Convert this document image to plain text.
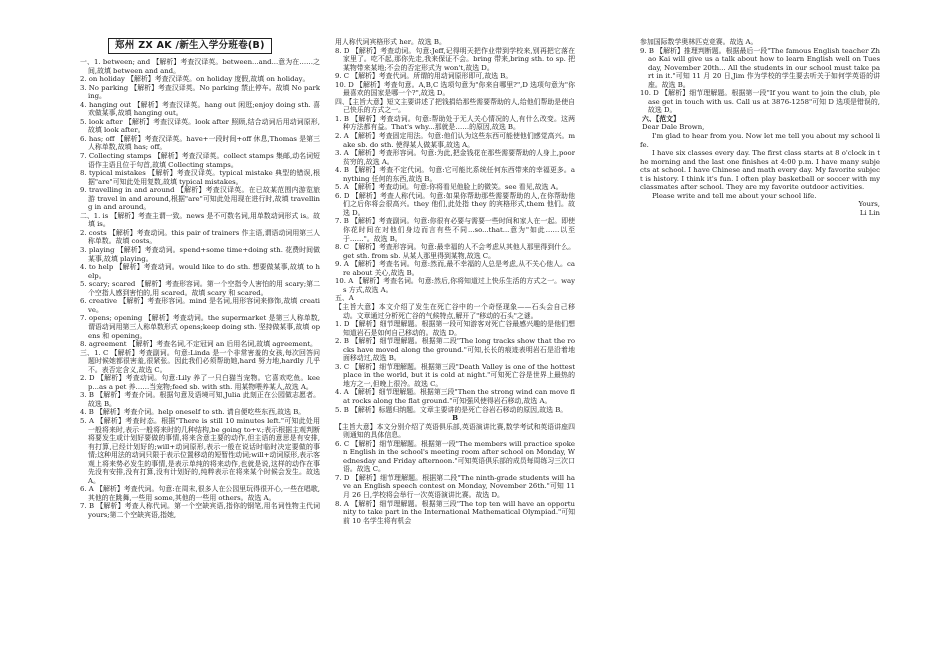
郑州 ZX AK /新生入学分班卷(B)

一、1. between; and 【解析】考查汉译英。between...and...意为在……之间,故填 between and and。

2. on holiday 【解析】考查汉译英。on holiday 度假,故填 on holiday。

3. No parking 【解析】考查汉译英。No parking 禁止停车。故填 No parking。

4. hanging out 【解析】考查汉译英。hang out 闲逛;enjoy doing sth. 喜欢做某事,故填 hanging out。

5. look after 【解析】考查汉译英。look after 照顾,结合动词后用动词原形,故填 look after。

6. has; off 【解析】考查汉译英。have+一段时间+off 休息,Thomas 是第三人称单数,故填 has; off。

7. Collecting stamps 【解析】考查汉译英。collect stamps 集邮,动名词短语作主语且位于句首,故填 Collecting stamps。

8. typical mistakes 【解析】考查汉译英。typical mistake 典型的错误,根据"are"可知此处用复数,故填 typical mistakes。

9. travelling in and around 【解析】考查汉译英。在已故某范围内游览旅游 travel in and around,根据"are"可知此处用现在进行时,故填 travelling in and around。

二、1. is 【解析】考查主谓一致。news 是不可数名词,用单数动词形式 is。故填 is。

2. costs 【解析】考查动词。this pair of trainers 作主语,谓语动词用第三人称单数。故填 costs。

3. playing 【解析】考查动词。spend+some time+doing sth. 花费时间做某事,故填 playing。

4. to help 【解析】考查动词。would like to do sth. 想要做某事,故填 to help。

5. scary; scared 【解析】考查形容词。第一个空指令人害怕的用 scary;第二个空指人感到害怕的,用 scared。故填 scary 和 scared。

6. creative 【解析】考查形容词。mind 是名词,用形容词来修饰,故填 creative。

7. opens; opening 【解析】考查动词。the supermarket 是第三人称单数,谓语动词用第三人称单数形式 opens;keep doing sth. 坚持做某事,故填 opens 和 opening。

8. agreement 【解析】考查名词,不定冠词 an 后用名词,故填 agreement。

三、1. C 【解析】考查副词。句意:Linda 是一个非常害羞的女孩,每次回答问题时候她都很害羞,很紧张。因此我们必须帮助她,hard 努力地,hardly 几乎不。表否定含义,故选 C。

2. D 【解析】考查动词。句意:Lily 养了一只白猫当宠物。它喜欢吃鱼。keep...as a pet 养……当宠物;feed sb. with sth. 用某物喂养某人,故选 A。

3. B 【解析】考查介词。根据句意及语境可知,Julia 此刻正在公园做志愿者。故选 B。

4. B 【解析】考查介词。help oneself to sth. 请自便吃些东西,故选 B。

5. A 【解析】考查时态。根据"There is still 10 minutes left."可知此处用一般将来时,表示一般将来时的几种结构,be going to+v.;表示根据主观判断将要发生或计划好要做的事情,将来含意主要的动作,但主语的意思是有安排,有打算,已经计划好的;will+动词原形,表示一般在说话时临时决定要做的事情;这种用法的动词只限于表示位置移动的短暂性动词;will+动词原形,表示客观上将来势必发生的事情,是表示单纯的将来动作,也就是说,这样的动作在事先没有安排,没有打算,没有计划好的,纯粹表示在将来某个时候会发生。故选 A。

6. A 【解析】考查代词。句意:在周末,很多人在公园里玩得很开心,一些在唱歌,其他的在跳舞,一些用 some,其他的一些用 others。故选 A。

7. B 【解析】考查人称代词。第一个空缺宾语,指你的钢笔,用名词性物主代词 yours;第二个空缺宾语,指她,

用人称代词宾格形式 her。故选 B。

8. D 【解析】考查动词。句意:Jeff,记得明天把作业带到学校来,别再把它落在家里了。吃不起,那你先走,我来保证不会。bring 带来,bring sth. to sp. 把某物带来某地;不会的否定形式为 won't,故选 D。

9. C 【解析】考查代词。所谓的用动词原形即可,故选 B。

10. D 【解析】考查句意。A,B,C 选项句意为"你来自哪里?",D 选项句意为"你最喜欢的国家是哪一个?",故选 D。

四、【主旨大意】短文主要讲述了把钱捐给那些需要帮助的人,给他们帮助是使自己快乐的方式之一。

1. B 【解析】考查动词。句意:帮助处于无人关心情况的人,有什么改变。这两种方法都有益。That's why...那就是……的原因,故选 B。

2. A 【解析】考查固定用法。句意:他们认为这些东西可能使他们感觉高兴。make sb. do sth. 使得某人做某事,故选 A。

3. A 【解析】考查形容词。句意:为此,把金钱花在那些需要帮助的人身上,poor 贫穷的,故选 A。

4. B 【解析】考查不定代词。句意:它可能比系统任何东西带来的幸福更多。anything 任何的东西,故选 B。

5. A 【解析】考查动词。句意:你将看见他脸上的微笑。see 看见,故选 A。

6. D 【解析】考查人称代词。句意:如果你帮助那些需要帮助的人,在你帮助他们之后你将会很高兴。they 他们,此处指 they 的宾格形式,them 他们。故选 D。

7. B 【解析】考查副词。句意:你很有必要与需要一些时间和家人在一起。即使你花时间在对他们身边而言有些不同...so...that...意为"如此……以至于……"。故选 B。

8. C 【解析】考查形容词。句意:最幸福的人不会考虑从其他人那里得到什么。get sth. from sb. 从某人那里得到某物,故选 C。

9. A 【解析】考查名词。句意:然而,最不幸福的人总是考虑,从不关心他人。care about 关心,故选 B。

10. A 【解析】考查名词。句意:然后,你将知道过上快乐生活的方式之一。ways 方式,故选 A。

五、A

【主旨大意】本文介绍了发生在死亡谷中的一个奇怪现象——石头会自己移动。文章通过分析死亡谷的气候特点,解开了"移动的石头"之谜。

1. D 【解析】细节理解题。根据第一段可知游客对死亡谷最感兴趣的是他们想知道岩石是如何自己移动的。故选 D。

2. B 【解析】细节理解题。根据第二段"The long tracks show that the rocks have moved along the ground."可知,长长的痕迹表明岩石是沿着地面移动过,故选 B。

3. C 【解析】细节理解题。根据第三段"Death Valley is one of the hottest place in the world, but it is cold at night."可知死亡谷是世界上最热的地方之一,但晚上很冷。故选 C。

4. A 【解析】细节理解题。根据第三段"Then the strong wind can move flat rocks along the flat ground."可知强风使得岩石移动,故选 A。

5. B 【解析】标题归纳题。文章主要讲的是死亡谷岩石移动的原因,故选 B。

B

【主旨大意】本文分别介绍了英语俱乐部,英语演讲比赛,数学考试和英语讲座四则通知的具体信息。

6. C 【解析】细节理解题。根据第一段"The members will practice spoken English in the school's meeting room after school on Monday, Wednesday and Friday afternoon."可知英语俱乐部的成员每周练习三次口语。故选 C。

7. D 【解析】细节理解题。根据第二段"The ninth-grade students will have an English speech contest on Monday, November 26th."可知 11 月 26 日,学校将会举行一次英语演讲比赛。故选 D。

8. A 【解析】细节理解题。根据第三段"The top ten will have an opportunity to take part in the International Mathematical Olympiad."可知前 10 名学生将有机会

参加国际数学奥林匹克竞赛。故选 A。

9. B 【解析】推理判断题。根据最后一段"The famous English teacher Zhao Kai will give us a talk about how to learn English well on Tuesday, November 20th... All the students in our school must take part in it."可知 11 月 20 日,Jim 作为学校的学生要去听关于如何学英语的讲座。故选 B。

10. D 【解析】细节理解题。根据第一段"If you want to join the club, please get in touch with us. Call us at 3876-1258"可知 D 选项是错误的,故选 D。

六、【范文】

Dear Dale Brown,

I'm glad to hear from you. Now let me tell you about my school life.

I have six classes every day. The first class starts at 8 o'clock in the morning and the last one finishes at 4:00 p.m. I have many subjects at school. I have Chinese and math every day. My favorite subject is history. I think it's fun. I often play basketball or soccer with my classmates after school. They are my favorite outdoor activities.

Please write and tell me about your school life.

Yours,

Li Lin
